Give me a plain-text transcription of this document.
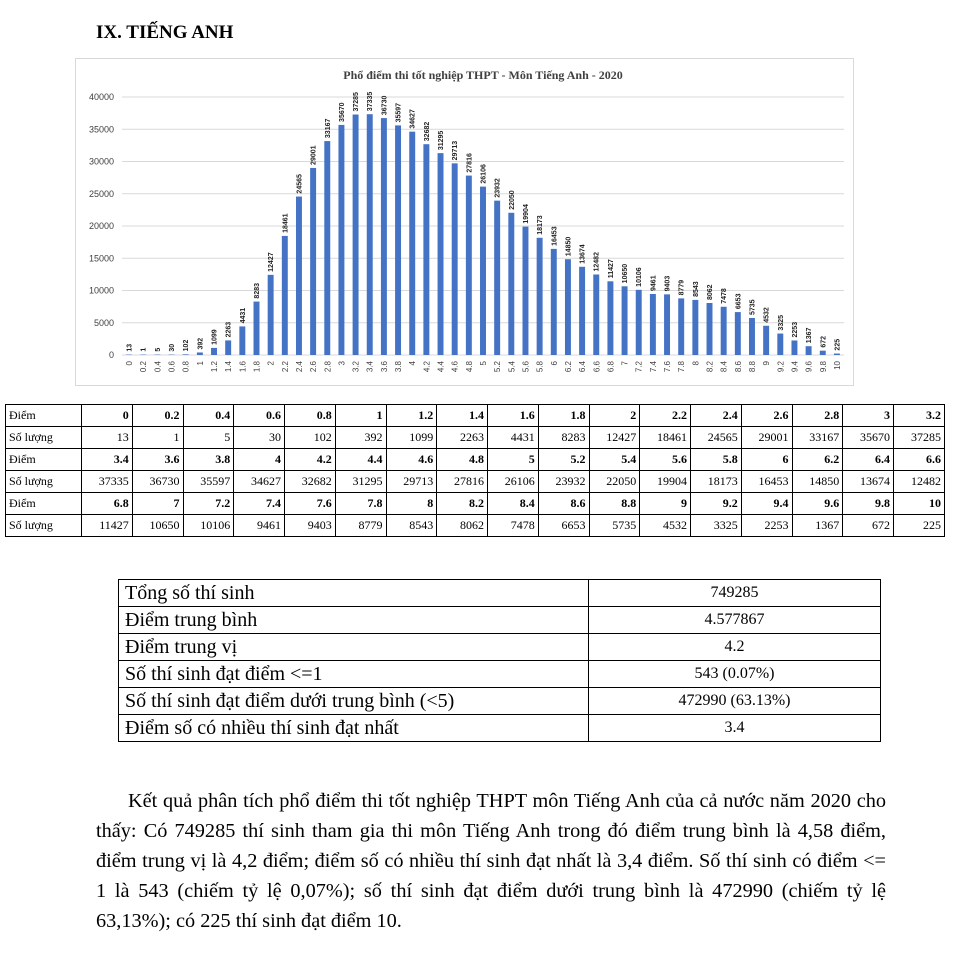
IX. TIẾNG ANH
Phổ điểm thi tốt nghiệp THPT - Môn Tiếng Anh - 2020
0
5000
10000
15000
20000
25000
30000
35000
40000
13
0
1
0.2
5
0.4
30
0.6
102
0.8
392
1
1099
1.2
2263
1.4
4431
1.6
8283
1.8
12427
2
18461
2.2
24565
2.4
29001
2.6
33167
2.8
35670
3
37285
3.2
37335
3.4
36730
3.6
35597
3.8
34627
4
32682
4.2
31295
4.4
29713
4.6
27816
4.8
26106
5
23932
5.2
22050
5.4
19904
5.6
18173
5.8
16453
6
14850
6.2
13674
6.4
12482
6.6
11427
6.8
10650
7
10106
7.2
9461
7.4
9403
7.6
8779
7.8
8543
8
8062
8.2
7478
8.4
6653
8.6
5735
8.8
4532
9
3325
9.2
2253
9.4
1367
9.6
672
9.8
225
10
Điểm	0	0.2	0.4	0.6	0.8	1	1.2	1.4	1.6	1.8	2	2.2	2.4	2.6	2.8	3	3.2
Số lượng	13	1	5	30	102	392	1099	2263	4431	8283	12427	18461	24565	29001	33167	35670	37285
Điểm	3.4	3.6	3.8	4	4.2	4.4	4.6	4.8	5	5.2	5.4	5.6	5.8	6	6.2	6.4	6.6
Số lượng	37335	36730	35597	34627	32682	31295	29713	27816	26106	23932	22050	19904	18173	16453	14850	13674	12482
Điểm	6.8	7	7.2	7.4	7.6	7.8	8	8.2	8.4	8.6	8.8	9	9.2	9.4	9.6	9.8	10
Số lượng	11427	10650	10106	9461	9403	8779	8543	8062	7478	6653	5735	4532	3325	2253	1367	672	225
Tổng số thí sinh	749285
Điểm trung bình	4.577867
Điểm trung vị	4.2
Số thí sinh đạt điểm <=1	543 (0.07%)
Số thí sinh đạt điểm dưới trung bình (<5)	472990 (63.13%)
Điểm số có nhiều thí sinh đạt nhất	3.4

Kết quả phân tích phổ điểm thi tốt nghiệp THPT môn Tiếng Anh của cả nước năm 2020 cho thấy: Có 749285 thí sinh tham gia thi môn Tiếng Anh trong đó điểm trung bình là 4,58 điểm, điểm trung vị là 4,2 điểm; điểm số có nhiều thí sinh đạt nhất là 3,4 điểm. Số thí sinh có điểm <= 1 là 543 (chiếm tỷ lệ 0,07%); số thí sinh đạt điểm dưới trung bình là 472990 (chiếm tỷ lệ 63,13%); có 225 thí sinh đạt điểm 10.
